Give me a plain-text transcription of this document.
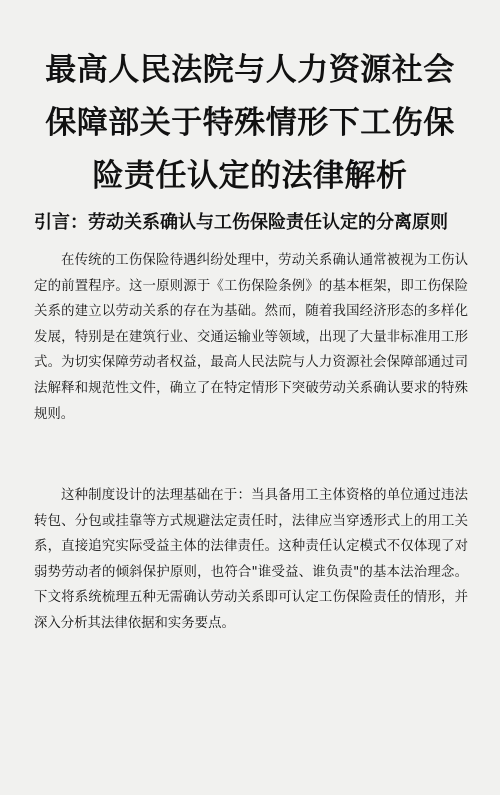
最高人民法院与人力资源社会
保障部关于特殊情形下工伤保
险责任认定的法律解析
引言：劳动关系确认与工伤保险责任认定的分离原则

在传统的工伤保险待遇纠纷处理中，劳动关系确认通常被视为工伤认定的前置程序。这一原则源于《工伤保险条例》的基本框架，即工伤保险关系的建立以劳动关系的存在为基础。然而，随着我国经济形态的多样化发展，特别是在建筑行业、交通运输业等领域，出现了大量非标准用工形式。为切实保障劳动者权益，最高人民法院与人力资源社会保障部通过司法解释和规范性文件，确立了在特定情形下突破劳动关系确认要求的特殊规则。

这种制度设计的法理基础在于：当具备用工主体资格的单位通过违法转包、分包或挂靠等方式规避法定责任时，法律应当穿透形式上的用工关系，直接追究实际受益主体的法律责任。这种责任认定模式不仅体现了对弱势劳动者的倾斜保护原则，也符合"谁受益、谁负责"的基本法治理念。下文将系统梳理五种无需确认劳动关系即可认定工伤保险责任的情形，并深入分析其法律依据和实务要点。
